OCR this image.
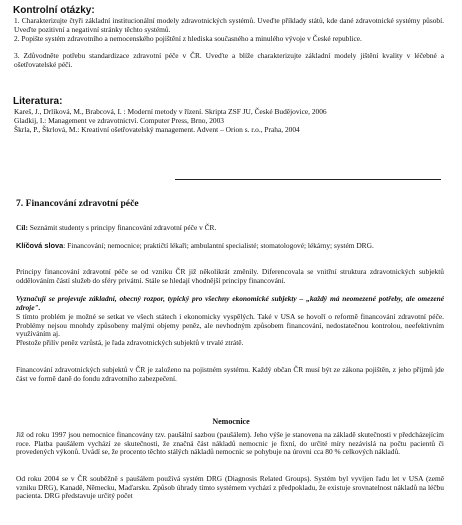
Kontrolní otázky:
1. Charakterizujte čtyři základní institucionální modely zdravotnických systémů. Uveďte příklady států, kde dané zdravotnické systémy působí. Uveďte pozitivní a negativní stránky těchto systémů.
2. Popište systém zdravotního a nemocenského pojištění z hlediska současného a minulého vývoje v České republice.
3. Zdůvodněte potřebu standardizace zdravotní péče v ČR. Uveďte a blíže charakterizujte základní modely jištění kvality v léčebné a ošetřovatelské péči.
Literatura:
Kareš, J., Drlíková, M., Brabcová, I. : Moderní metody v řízení. Skripta ZSF JU, České Budějovice, 2006
Gladkij, I.: Management ve zdravotnictví. Computer Press, Brno, 2003
Škrla, P., Škrlová, M.: Kreativní ošetřovatelský management. Advent – Orion s. r.o., Praha, 2004
7. Financování zdravotní péče
Cíl: Seznámit studenty s principy financování zdravotní péče v ČR.
Klíčová slova: Financování; nemocnice; praktičtí lékaři; ambulantní specialisté; stomatologové; lékárny; systém DRG.
Principy financování zdravotní péče se od vzniku ČR již několikrát změnily. Diferencovala se vnitřní struktura zdravotnických subjektů oddělováním částí služeb do sféry privátní. Stále se hledají vhodnější principy financování.
Vyznačují se projevuje základní, obecný rozpor, typický pro všechny ekonomické subjekty – „každý má neomezené potřeby, ale omezené zdroje".
S tímto problém je možné se setkat ve všech státech i ekonomicky vyspělých. Také v USA se hovoří o reformě financování zdravotní péče. Problémy nejsou mnohdy způsobeny malými objemy peněz, ale nevhodným způsobem financování, nedostatečnou kontrolou, neefektivním využíváním aj.
Přestože přilív peněz vzrůstá, je řada zdravotnických subjektů v trvalé ztrátě.
Financování zdravotnických subjektů v ČR je založeno na pojistném systému. Každý občan ČR musí být ze zákona pojištěn, z jeho příjmů jde část ve formě daně do fondu zdravotního zabezpečení.
Nemocnice
Již od roku 1997 jsou nemocnice financovány tzv. paušální sazbou (paušálem). Jeho výše je stanovena na základě skutečnosti v předcházejícím roce. Platba paušálem vychází ze skutečnosti, že značná část nákladů nemocnic je fixní, do určité míry nezávislá na počtu pacientů či provedených výkonů. Uvádí se, že procento těchto stálých nákladů nemocnic se pohybuje na úrovni cca 80 % celkových nákladů.
Od roku 2004 se v ČR souběžně s paušálem používá systém DRG (Diagnosis Related Groups). Systém byl vyvíjen řadu let v USA (země vzniku DRG), Kanadě, Německu, Maďarsku. Způsob úhrady tímto systémem vychází z předpokladu, že existuje srovnatelnost nákladů na léčbu pacienta. DRG představuje určitý počet
